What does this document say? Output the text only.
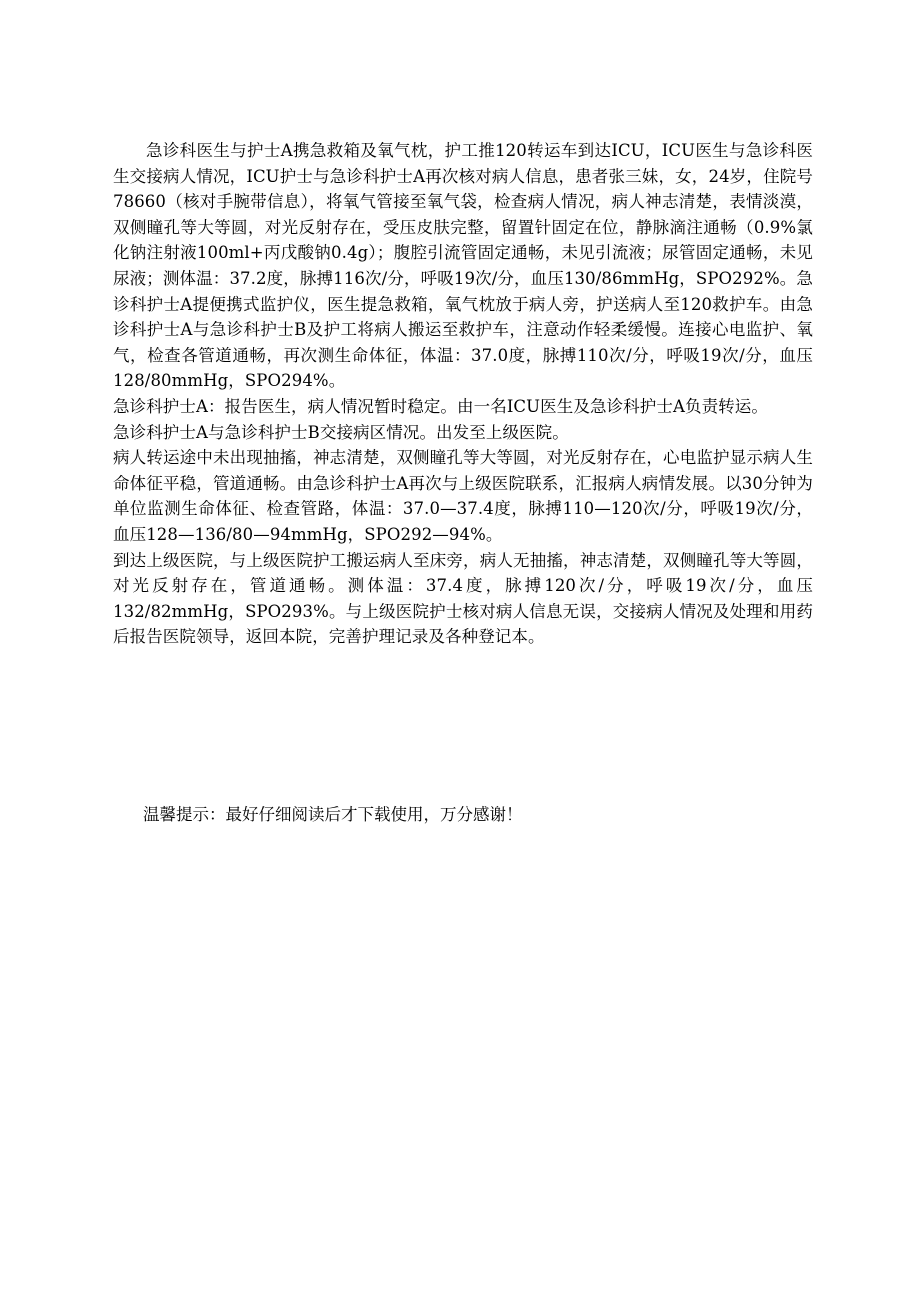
急诊科医生与护士A携急救箱及氧气枕，护工推120转运车到达ICU，ICU医生与急诊科医生交接病人情况，ICU护士与急诊科护士A再次核对病人信息，患者张三妹，女，24岁，住院号78660（核对手腕带信息），将氧气管接至氧气袋，检查病人情况，病人神志清楚，表情淡漠，双侧瞳孔等大等圆，对光反射存在，受压皮肤完整，留置针固定在位，静脉滴注通畅（0.9%氯化钠注射液100ml+丙戊酸钠0.4g）；腹腔引流管固定通畅，未见引流液；尿管固定通畅，未见尿液；测体温：37.2度，脉搏116次/分，呼吸19次/分，血压130/86mmHg，SPO292%。急诊科护士A提便携式监护仪，医生提急救箱，氧气枕放于病人旁，护送病人至120救护车。由急诊科护士A与急诊科护士B及护工将病人搬运至救护车，注意动作轻柔缓慢。连接心电监护、氧气，检查各管道通畅，再次测生命体征，体温：37.0度，脉搏110次/分，呼吸19次/分，血压128/80mmHg，SPO294%。

急诊科护士A：报告医生，病人情况暂时稳定。由一名ICU医生及急诊科护士A负责转运。

急诊科护士A与急诊科护士B交接病区情况。出发至上级医院。

病人转运途中未出现抽搐，神志清楚，双侧瞳孔等大等圆，对光反射存在，心电监护显示病人生命体征平稳，管道通畅。由急诊科护士A再次与上级医院联系，汇报病人病情发展。以30分钟为单位监测生命体征、检查管路，体温：37.0—37.4度，脉搏110—120次/分，呼吸19次/分，血压128—136/80—94mmHg，SPO292—94%。

到达上级医院，与上级医院护工搬运病人至床旁，病人无抽搐，神志清楚，双侧瞳孔等大等圆，对光反射存在，管道通畅。测体温：37.4度，脉搏120次/分，呼吸19次/分，血压132/82mmHg，SPO293%。与上级医院护士核对病人信息无误，交接病人情况及处理和用药后报告医院领导，返回本院，完善护理记录及各种登记本。

温馨提示：最好仔细阅读后才下载使用，万分感谢！
